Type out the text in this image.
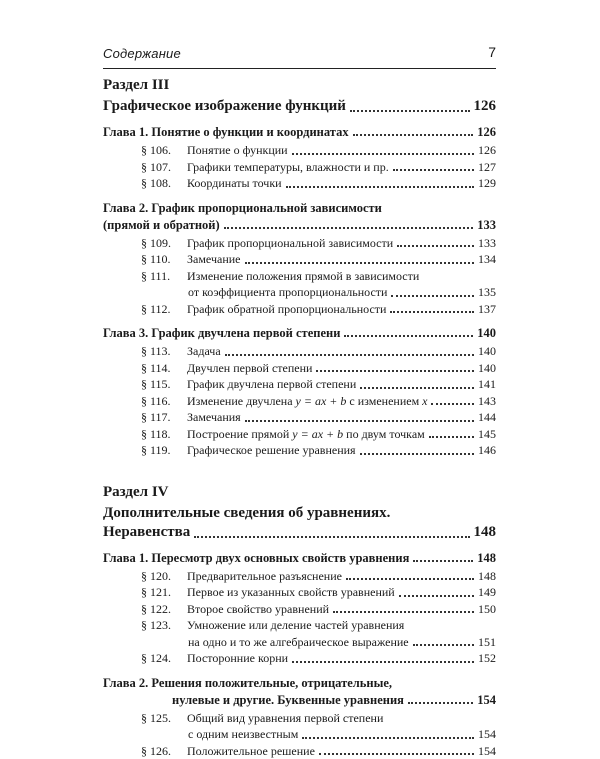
Содержание	7
Раздел III
Графическое изображение функций	126
Глава 1. Понятие о функции и координатах	126
§ 106. Понятие о функции	126
§ 107. Графики температуры, влажности и пр.	127
§ 108. Координаты точки	129
Глава 2. График пропорциональной зависимости
(прямой и обратной)	133
§ 109. График пропорциональной зависимости	133
§ 110. Замечание	134
§ 111. Изменение положения прямой в зависимости
от коэффициента пропорциональности	135
§ 112. График обратной пропорциональности	137
Глава 3. График двучлена первой степени	140
§ 113. Задача	140
§ 114. Двучлен первой степени	140
§ 115. График двучлена первой степени	141
§ 116. Изменение двучлена y = ax + b с изменением x	143
§ 117. Замечания	144
§ 118. Построение прямой y = ax + b по двум точкам	145
§ 119. Графическое решение уравнения	146
Раздел IV
Дополнительные сведения об уравнениях.
Неравенства	148
Глава 1. Пересмотр двух основных свойств уравнения	148
§ 120. Предварительное разъяснение	148
§ 121. Первое из указанных свойств уравнений	149
§ 122. Второе свойство уравнений	150
§ 123. Умножение или деление частей уравнения
на одно и то же алгебраическое выражение	151
§ 124. Посторонние корни	152
Глава 2. Решения положительные, отрицательные,
нулевые и другие. Буквенные уравнения	154
§ 125. Общий вид уравнения первой степени
с одним неизвестным	154
§ 126. Положительное решение	154
